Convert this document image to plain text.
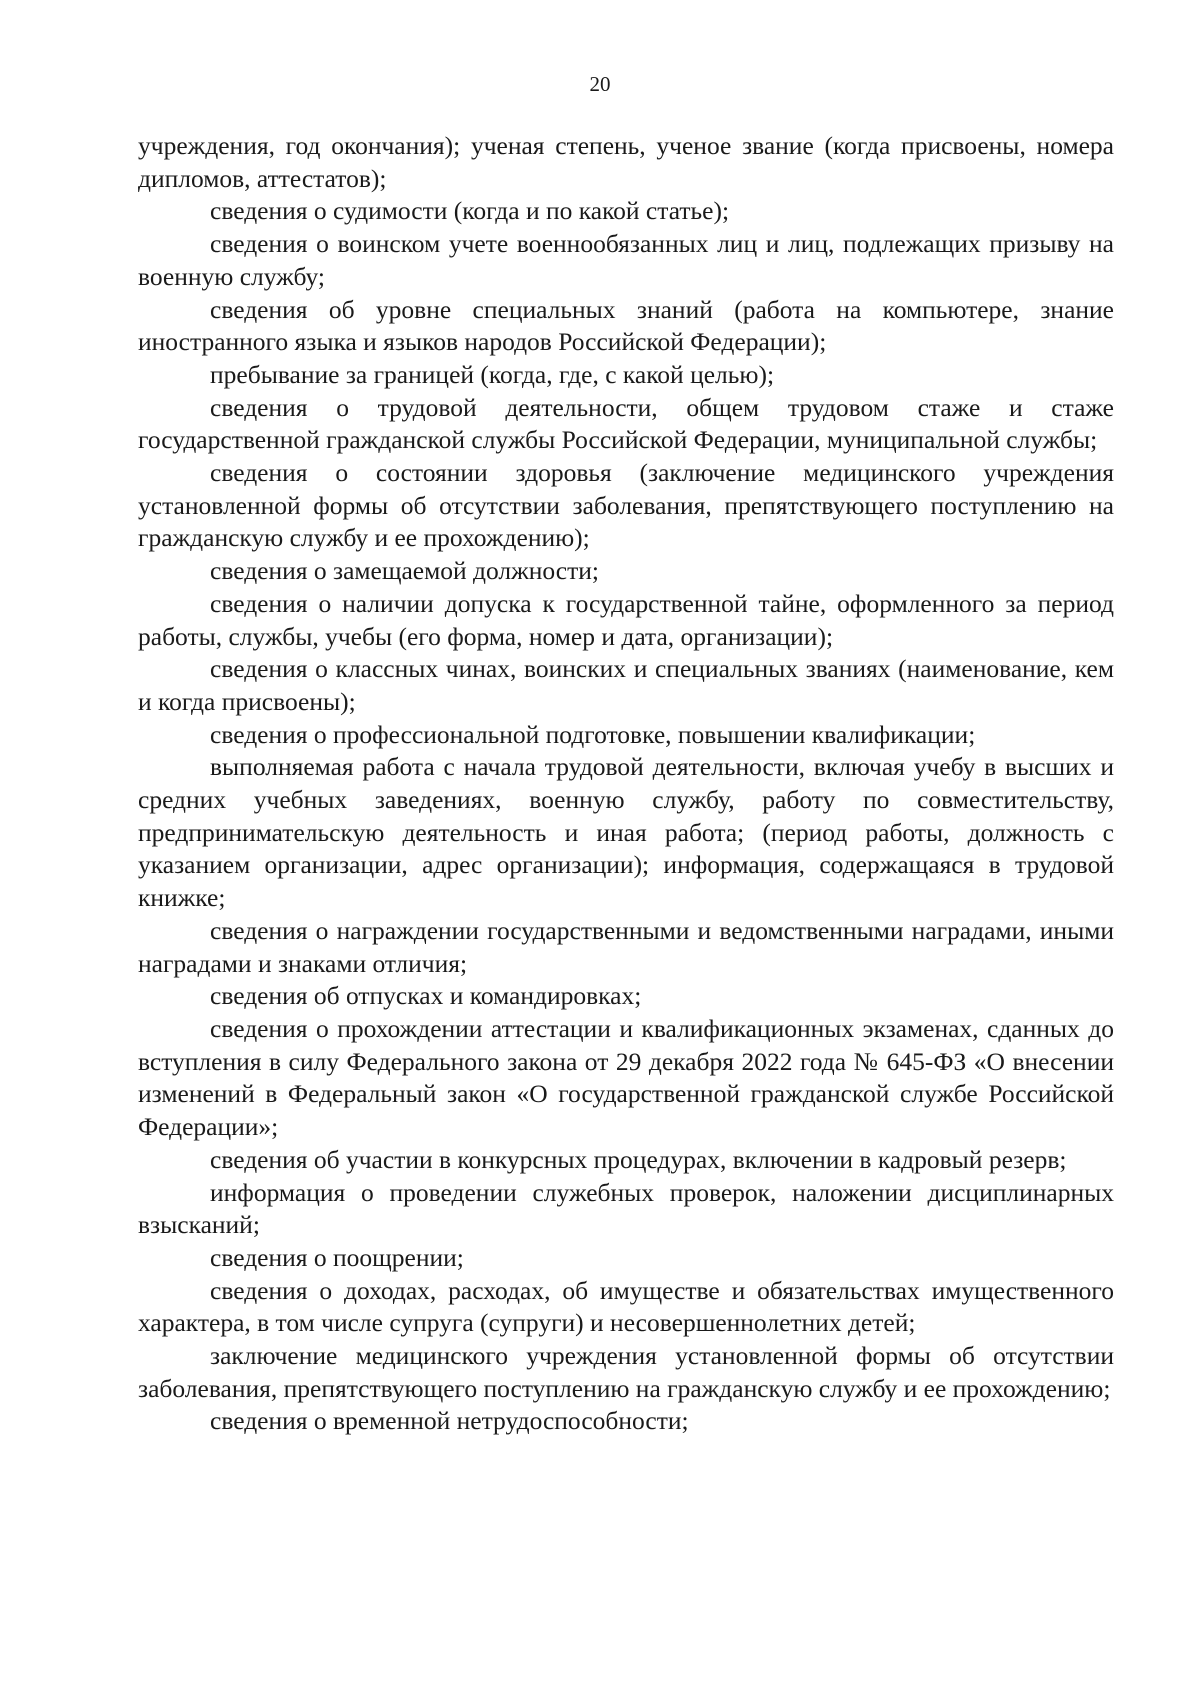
20

учреждения, год окончания); ученая степень, ученое звание (когда присвоены, номера дипломов, аттестатов);

сведения о судимости (когда и по какой статье);

сведения о воинском учете военнообязанных лиц и лиц, подлежащих призыву на военную службу;

сведения об уровне специальных знаний (работа на компьютере, знание иностранного языка и языков народов Российской Федерации);

пребывание за границей (когда, где, с какой целью);

сведения о трудовой деятельности, общем трудовом стаже и стаже государственной гражданской службы Российской Федерации, муниципальной службы;

сведения о состоянии здоровья (заключение медицинского учреждения установленной формы об отсутствии заболевания, препятствующего поступлению на гражданскую службу и ее прохождению);

сведения о замещаемой должности;

сведения о наличии допуска к государственной тайне, оформленного за период работы, службы, учебы (его форма, номер и дата, организации);

сведения о классных чинах, воинских и специальных званиях (наименование, кем и когда присвоены);

сведения о профессиональной подготовке, повышении квалификации;

выполняемая работа с начала трудовой деятельности, включая учебу в высших и средних учебных заведениях, военную службу, работу по совместительству, предпринимательскую деятельность и иная работа; (период работы, должность с указанием организации, адрес организации); информация, содержащаяся в трудовой книжке;

сведения о награждении государственными и ведомственными наградами, иными наградами и знаками отличия;

сведения об отпусках и командировках;

сведения о прохождении аттестации и квалификационных экзаменах, сданных до вступления в силу Федерального закона от 29 декабря 2022 года № 645-ФЗ «О внесении изменений в Федеральный закон «О государственной гражданской службе Российской Федерации»;

сведения об участии в конкурсных процедурах, включении в кадровый резерв;

информация о проведении служебных проверок, наложении дисциплинарных взысканий;

сведения о поощрении;

сведения о доходах, расходах, об имуществе и обязательствах имущественного характера, в том числе супруга (супруги) и несовершеннолетних детей;

заключение медицинского учреждения установленной формы об отсутствии заболевания, препятствующего поступлению на гражданскую службу и ее прохождению;

сведения о временной нетрудоспособности;
